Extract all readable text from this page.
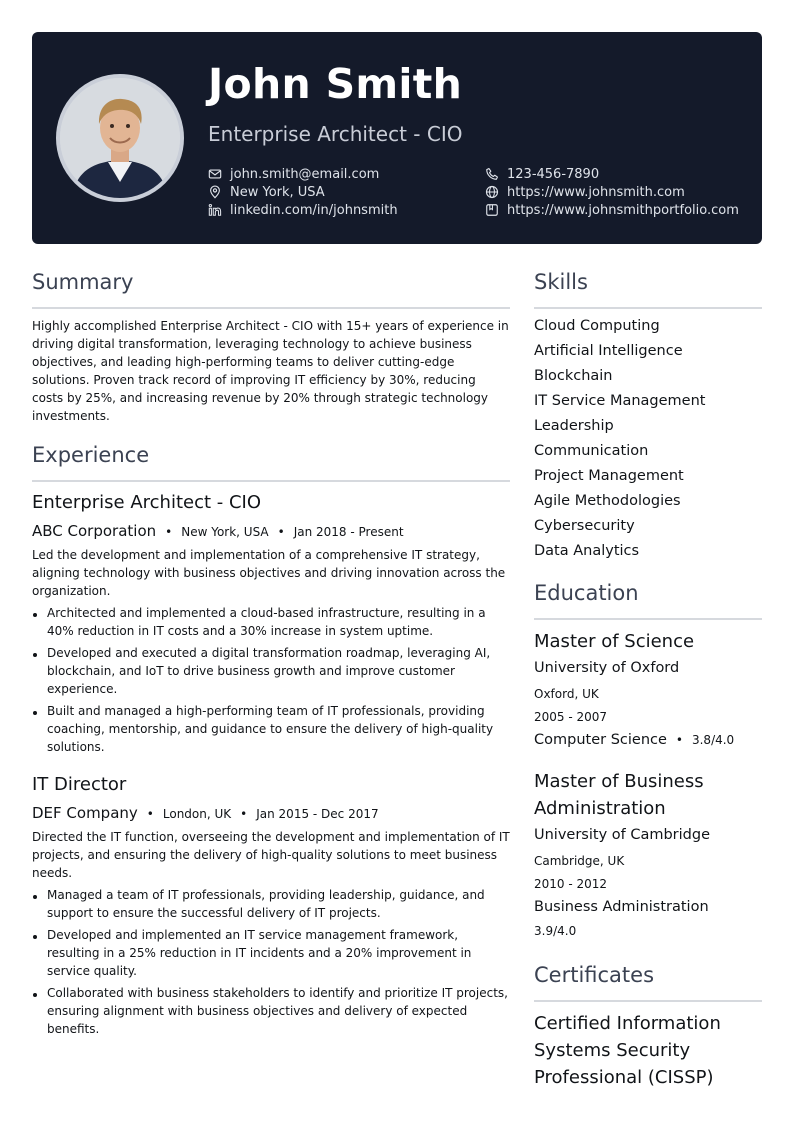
John Smith
Enterprise Architect - CIO
john.smith@email.com
New York, USA
linkedin.com/in/johnsmith
123-456-7890
https://www.johnsmith.com
https://www.johnsmithportfolio.com
Summary
Highly accomplished Enterprise Architect - CIO with 15+ years of experience in driving digital transformation, leveraging technology to achieve business objectives, and leading high-performing teams to deliver cutting-edge solutions. Proven track record of improving IT efficiency by 30%, reducing costs by 25%, and increasing revenue by 20% through strategic technology investments.
Experience
Enterprise Architect - CIO
ABC Corporation • New York, USA • Jan 2018 - Present
Led the development and implementation of a comprehensive IT strategy, aligning technology with business objectives and driving innovation across the organization.
Architected and implemented a cloud-based infrastructure, resulting in a 40% reduction in IT costs and a 30% increase in system uptime.
Developed and executed a digital transformation roadmap, leveraging AI, blockchain, and IoT to drive business growth and improve customer experience.
Built and managed a high-performing team of IT professionals, providing coaching, mentorship, and guidance to ensure the delivery of high-quality solutions.
IT Director
DEF Company • London, UK • Jan 2015 - Dec 2017
Directed the IT function, overseeing the development and implementation of IT projects, and ensuring the delivery of high-quality solutions to meet business needs.
Managed a team of IT professionals, providing leadership, guidance, and support to ensure the successful delivery of IT projects.
Developed and implemented an IT service management framework, resulting in a 25% reduction in IT incidents and a 20% improvement in service quality.
Collaborated with business stakeholders to identify and prioritize IT projects, ensuring alignment with business objectives and delivery of expected benefits.
Skills
Cloud Computing
Artificial Intelligence
Blockchain
IT Service Management
Leadership
Communication
Project Management
Agile Methodologies
Cybersecurity
Data Analytics
Education
Master of Science
University of Oxford
Oxford, UK
2005 - 2007
Computer Science • 3.8/4.0
Master of Business Administration
University of Cambridge
Cambridge, UK
2010 - 2012
Business Administration
3.9/4.0
Certificates
Certified Information Systems Security Professional (CISSP)
